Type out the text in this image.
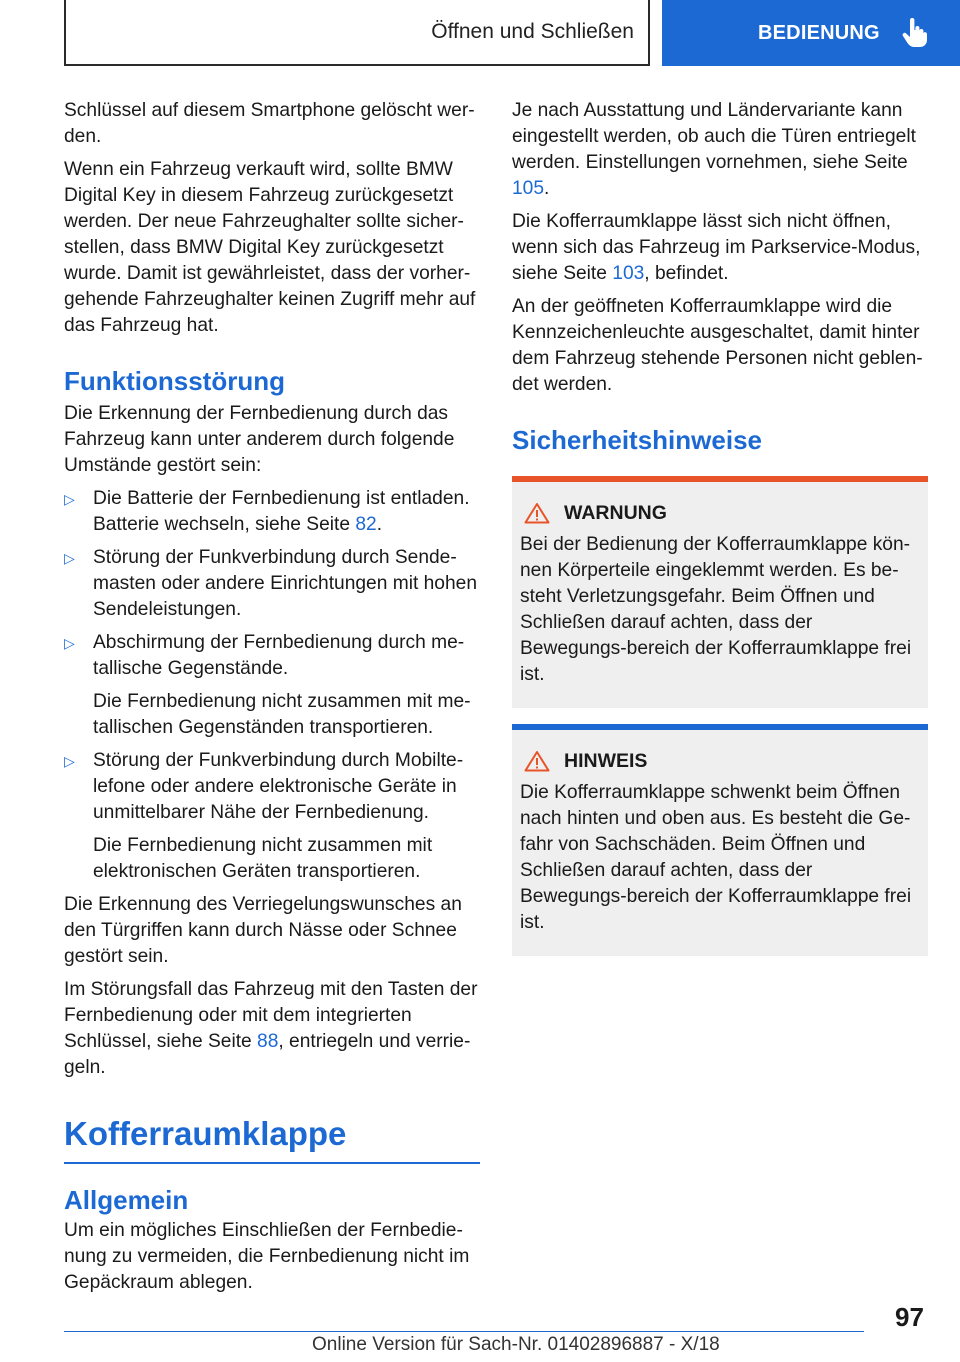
Öffnen und Schließen	BEDIENUNG
Schlüssel auf diesem Smartphone gelöscht wer-den.
Wenn ein Fahrzeug verkauft wird, sollte BMW Digital Key in diesem Fahrzeug zurückgesetzt werden. Der neue Fahrzeughalter sollte sicher-stellen, dass BMW Digital Key zurückgesetzt wurde. Damit ist gewährleistet, dass der vorher-gehende Fahrzeughalter keinen Zugriff mehr auf das Fahrzeug hat.
Funktionsstörung
Die Erkennung der Fernbedienung durch das Fahrzeug kann unter anderem durch folgende Umstände gestört sein:
▷ Die Batterie der Fernbedienung ist entladen. Batterie wechseln, siehe Seite 82.
▷ Störung der Funkverbindung durch Sende-masten oder andere Einrichtungen mit hohen Sendeleistungen.
▷ Abschirmung der Fernbedienung durch me-tallische Gegenstände.
Die Fernbedienung nicht zusammen mit me-tallischen Gegenständen transportieren.
▷ Störung der Funkverbindung durch Mobilte-lefone oder andere elektronische Geräte in unmittelbarer Nähe der Fernbedienung.
Die Fernbedienung nicht zusammen mit elektronischen Geräten transportieren.
Die Erkennung des Verriegelungswunsches an den Türgriffen kann durch Nässe oder Schnee gestört sein.
Im Störungsfall das Fahrzeug mit den Tasten der Fernbedienung oder mit dem integrierten Schlüssel, siehe Seite 88, entriegeln und verrie-geln.
Kofferraumklappe
Allgemein
Um ein mögliches Einschließen der Fernbedie-nung zu vermeiden, die Fernbedienung nicht im Gepäckraum ablegen.
Je nach Ausstattung und Ländervariante kann eingestellt werden, ob auch die Türen entriegelt werden. Einstellungen vornehmen, siehe Seite 105.
Die Kofferraumklappe lässt sich nicht öffnen, wenn sich das Fahrzeug im Parkservice-Modus, siehe Seite 103, befindet.
An der geöffneten Kofferraumklappe wird die Kennzeichenleuchte ausgeschaltet, damit hinter dem Fahrzeug stehende Personen nicht geblen-det werden.
Sicherheitshinweise
WARNUNG
Bei der Bedienung der Kofferraumklappe kön-nen Körperteile eingeklemmt werden. Es be-steht Verletzungsgefahr. Beim Öffnen und Schließen darauf achten, dass der Bewegungs-bereich der Kofferraumklappe frei ist.
HINWEIS
Die Kofferraumklappe schwenkt beim Öffnen nach hinten und oben aus. Es besteht die Ge-fahr von Sachschäden. Beim Öffnen und Schließen darauf achten, dass der Bewegungs-bereich der Kofferraumklappe frei ist.
97
Online Version für Sach-Nr. 01402896887 - X/18
